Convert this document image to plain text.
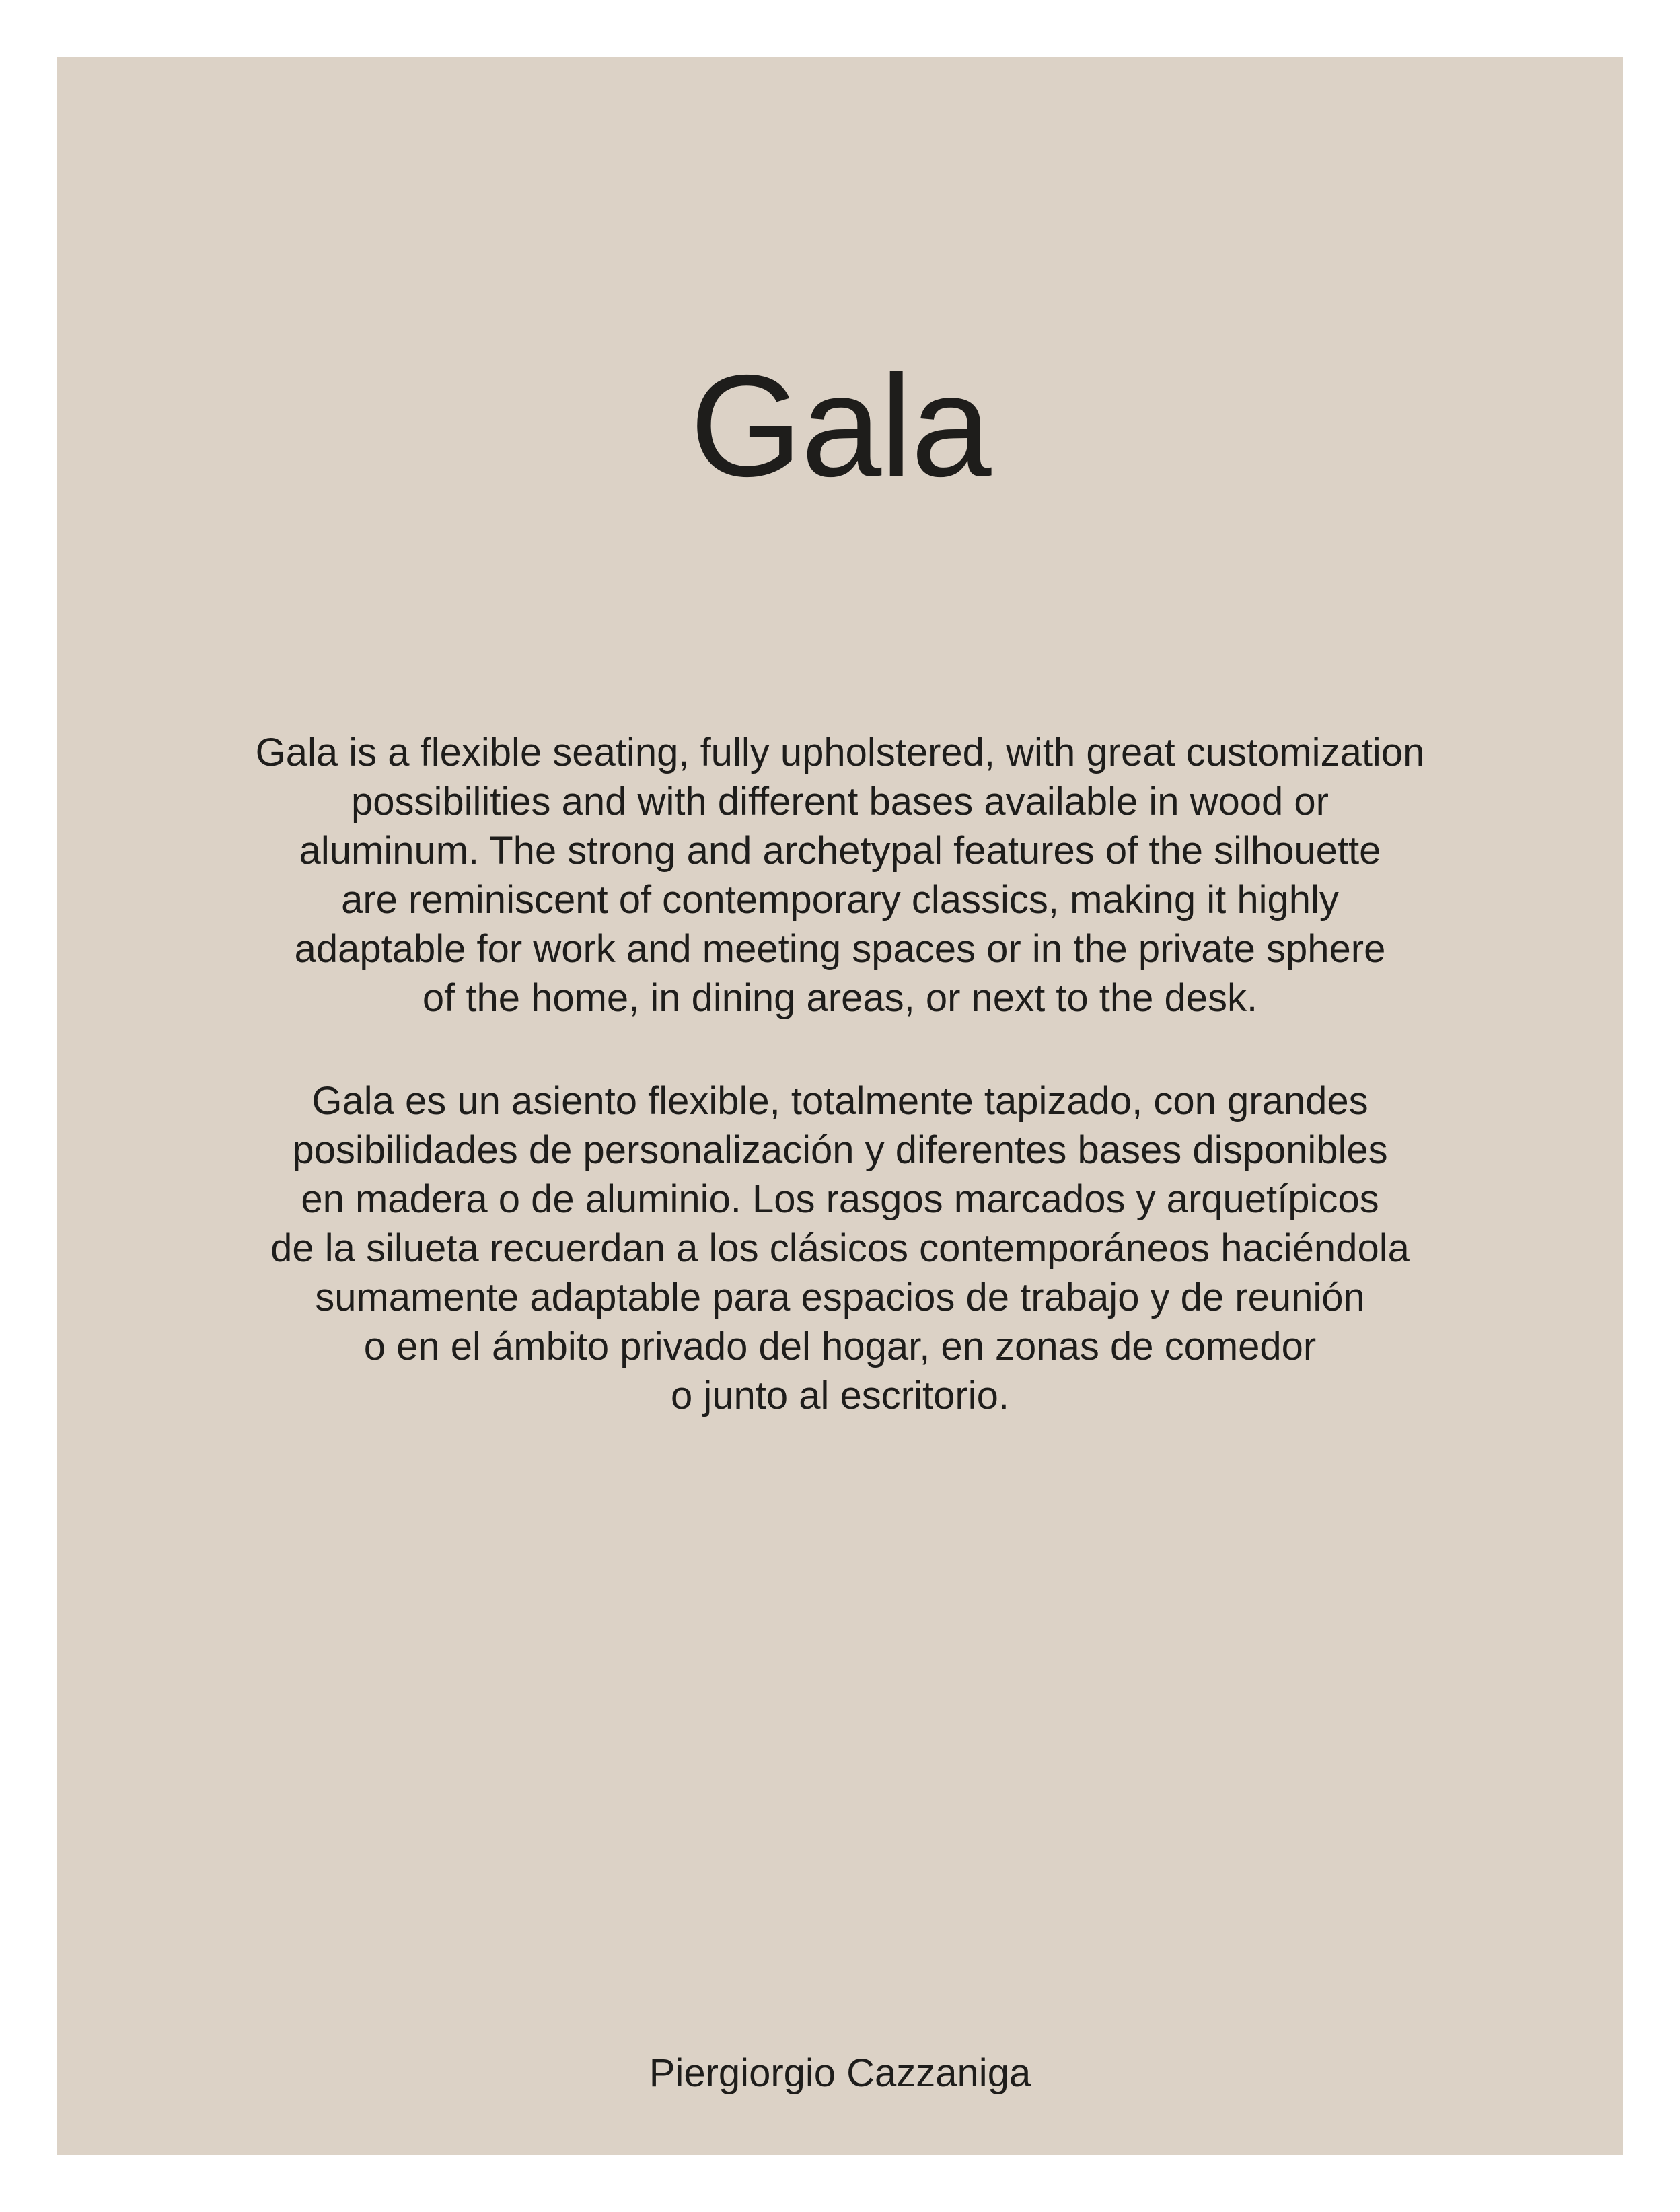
Gala

Gala is a flexible seating, fully upholstered, with great customization
possibilities and with different bases available in wood or
aluminum. The strong and archetypal features of the silhouette
are reminiscent of contemporary classics, making it highly
adaptable for work and meeting spaces or in the private sphere
of the home, in dining areas, or next to the desk.

Gala es un asiento flexible, totalmente tapizado, con grandes
posibilidades de personalización y diferentes bases disponibles
en madera o de aluminio. Los rasgos marcados y arquetípicos
de la silueta recuerdan a los clásicos contemporáneos haciéndola
sumamente adaptable para espacios de trabajo y de reunión
o en el ámbito privado del hogar, en zonas de comedor
o junto al escritorio.

Piergiorgio Cazzaniga
